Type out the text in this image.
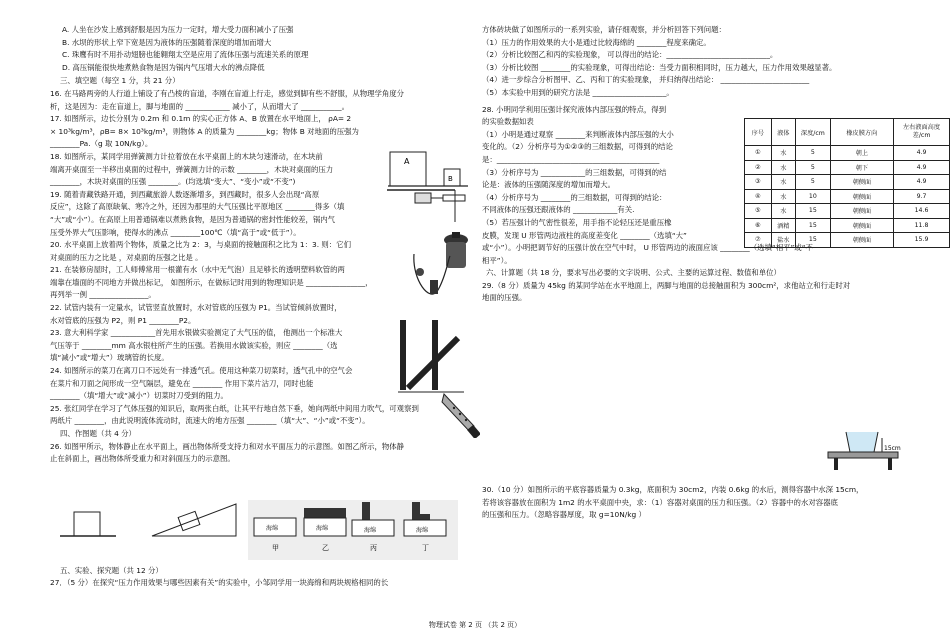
A. 人坐在沙发上感到舒服是因为压力一定时，增大受力面积减小了压强
B. 水坝的形状上窄下宽是因为液体的压强随着深度的增加而增大
C. 珠鹰有时不用扑动翅膀也能翱翔太空是应用了流体压强与流速关系的原理
D. 高压锅能很快地煮熟食物是因为锅内气压增大水的沸点降低
三、填空题（每空 1 分，共 21 分）
16. 在马路两旁的人行道上铺设了有凸棱的盲道，李刚在盲道上行走，感觉到脚有些不舒服，从物理学角度分
析，这是因为：走在盲道上，脚与地面的 ____________ 减小了，从而增大了 ___________。
17. 如图所示，边长分别为 0.2m 和 0.1m 的实心正方体 A、B 放置在水平地面上， ρA= 2
× 10³kg/m³，ρB= 8× 10³kg/m³，则物体 A 的质量为 ________kg；物体 B 对地面的压强为
________Pa.（g 取 10N/kg）。
18. 如图所示，某同学用弹簧测力计拉着放在水平桌面上的木块匀速滑动，在木块前
端离开桌面至一半移出桌面的过程中，弹簧测力计的示数 ________，木块对桌面的压力
________，木块对桌面的压强 ________。(均选填“变大”、“变小”或“不变”)
19. 随着青藏铁路开通，到西藏旅游人数逐渐增多，到西藏时，很多人会出现“高原
反应”，这除了高原缺氧、寒冷之外，还因为那里的大气压强比平原地区 ________得多（填
“大”或“小”）。在高原上用普通锅难以煮熟食物，是因为普通锅的密封性能较差，锅内气
压受外界大气压影响，使得水的沸点 ________100℃（填“高于”或“低于”）。
20. 水平桌面上放着两个物体，质量之比为 2：3，与桌面的接触面积之比为 1：3. 则：它们
对桌面的压力之比是 ，对桌面的压强之比是 。
21. 在装修房屋时，工人师傅常用一根灌有水（水中无气泡）且足够长的透明塑料软管的两
端靠在墙面的不同地方并做出标记， 如图所示，在做标记时用到的物理知识是 ________________，
再列举一例 ________________。
22. 试管内装有一定量水，试管竖直放置时，水对管底的压强为 P1。当试管倾斜放置时，
水对管底的压强为 P2，则 P1 ________P2。
23. 意大利科学家 ____________首先用水银做实验测定了大气压的值， 他测出一个标准大
气压等于 ________mm 高水银柱所产生的压强。若换用水做该实验，则应 ________（选
填“减小”或“增大”）玻璃管的长度。
24. 如图所示的菜刀在离刀口不远处有一排透气孔。使用这种菜刀切菜时，透气孔中的空气会
在菜片和刀面之间形成一空气隔层，避免在 ________ 作用下菜片沾刀，同时也能
________（填“增大”或“减小”）切菜时刀受到的阻力。
25. 张红同学在学习了气体压强的知识后，取两张白纸，让其平行地自然下垂，她向两纸中间用力吹气，可观察到
两纸片 ________，由此说明流体流动时，流速大的地方压强 ________（填“大”、“小”或“不变”）。
四、作图题（共 4 分）
26. 如图甲所示，物体静止在水平面上，画出物体所受支持力和对水平面压力的示意图。如图乙所示，物体静
止在斜面上，画出物体所受重力和对斜面压力的示意图。
A
B
海绵
甲
海绵
乙
海绵
丙
海绵
丁
五、实验、探究题（共 12 分）
27．（5 分）在探究“压力作用效果与哪些因素有关”的实验中，小邹同学用一块海绵和两块规格相同的长
方体砖块做了如图所示的一系列实验，请仔细观察，并分析回答下列问题：
（1）压力的作用效果的大小是通过比较海绵的 ________程度来确定。
（2）分析比较图乙和丙的实验现象， 可以得出的结论：____________________________。
（3）分析比较图 ________的实验现象，可得出结论：当受力面积相同时，压力越大，压力作用效果越显著。
（4）进一步综合分析图甲、乙、丙和丁的实验现象， 并归纳得出结论： ________________________
（5）本实验中用到的研究方法是 ____________________。
28. 小明同学利用压强计探究液体内部压强的特点，得到
的实验数据如表
（1）小明是通过观察 ________来判断液体内部压强的大小
变化的。（2）分析序号为①②③的三组数据，可得到的结论
是：____________________________________________
（3）分析序号为 ____________的三组数据，可得到的结
论是：液体的压强随深度的增加而增大。
（4）分析序号为 ________的三组数据，可得到的结论：
不同液体的压强还跟液体的 ____________有关.
（5）若压强计的气密性很差，用手指不论轻压还是重压橡
皮膜，发现 U 形管两边液柱的高度差变化 ________（选填“大”
或“小”）。小明把调节好的压强计放在空气中时， U 形管两边的液面应该 ________（选填“相平”或“不
相平”）。
六、计算题（共 18 分，要求写出必要的文字说明、公式、主要的运算过程、数值和单位）
29.（8 分）质量为 45kg 的某同学站在水平地面上，两脚与地面的总接触面积为 300cm²，求他站立和行走时对
地面的压强。
序号	液体	深度/cm	橡皮膜方向	左右液面高度差/cm
①	水	5	朝上	4.9
②	水	5	朝下	4.9
③	水	5	朝侧面	4.9
④	水	10	朝侧面	9.7
⑤	水	15	朝侧面	14.6
⑥	酒精	15	朝侧面	11.8
⑦	盐水	15	朝侧面	15.9
15cm
30.（10 分）如图所示的平底容器质量为 0.3kg，底面积为 30cm2，内装 0.6kg 的水后，测得容器中水深 15cm，
若将该容器放在面积为 1m2 的水平桌面中央，求：（1）容器对桌面的压力和压强。（2）容器中的水对容器底
的压强和压力。（忽略容器厚度，取 g=10N/kg ）
物理试卷 第 2 页 （共 2 页）
